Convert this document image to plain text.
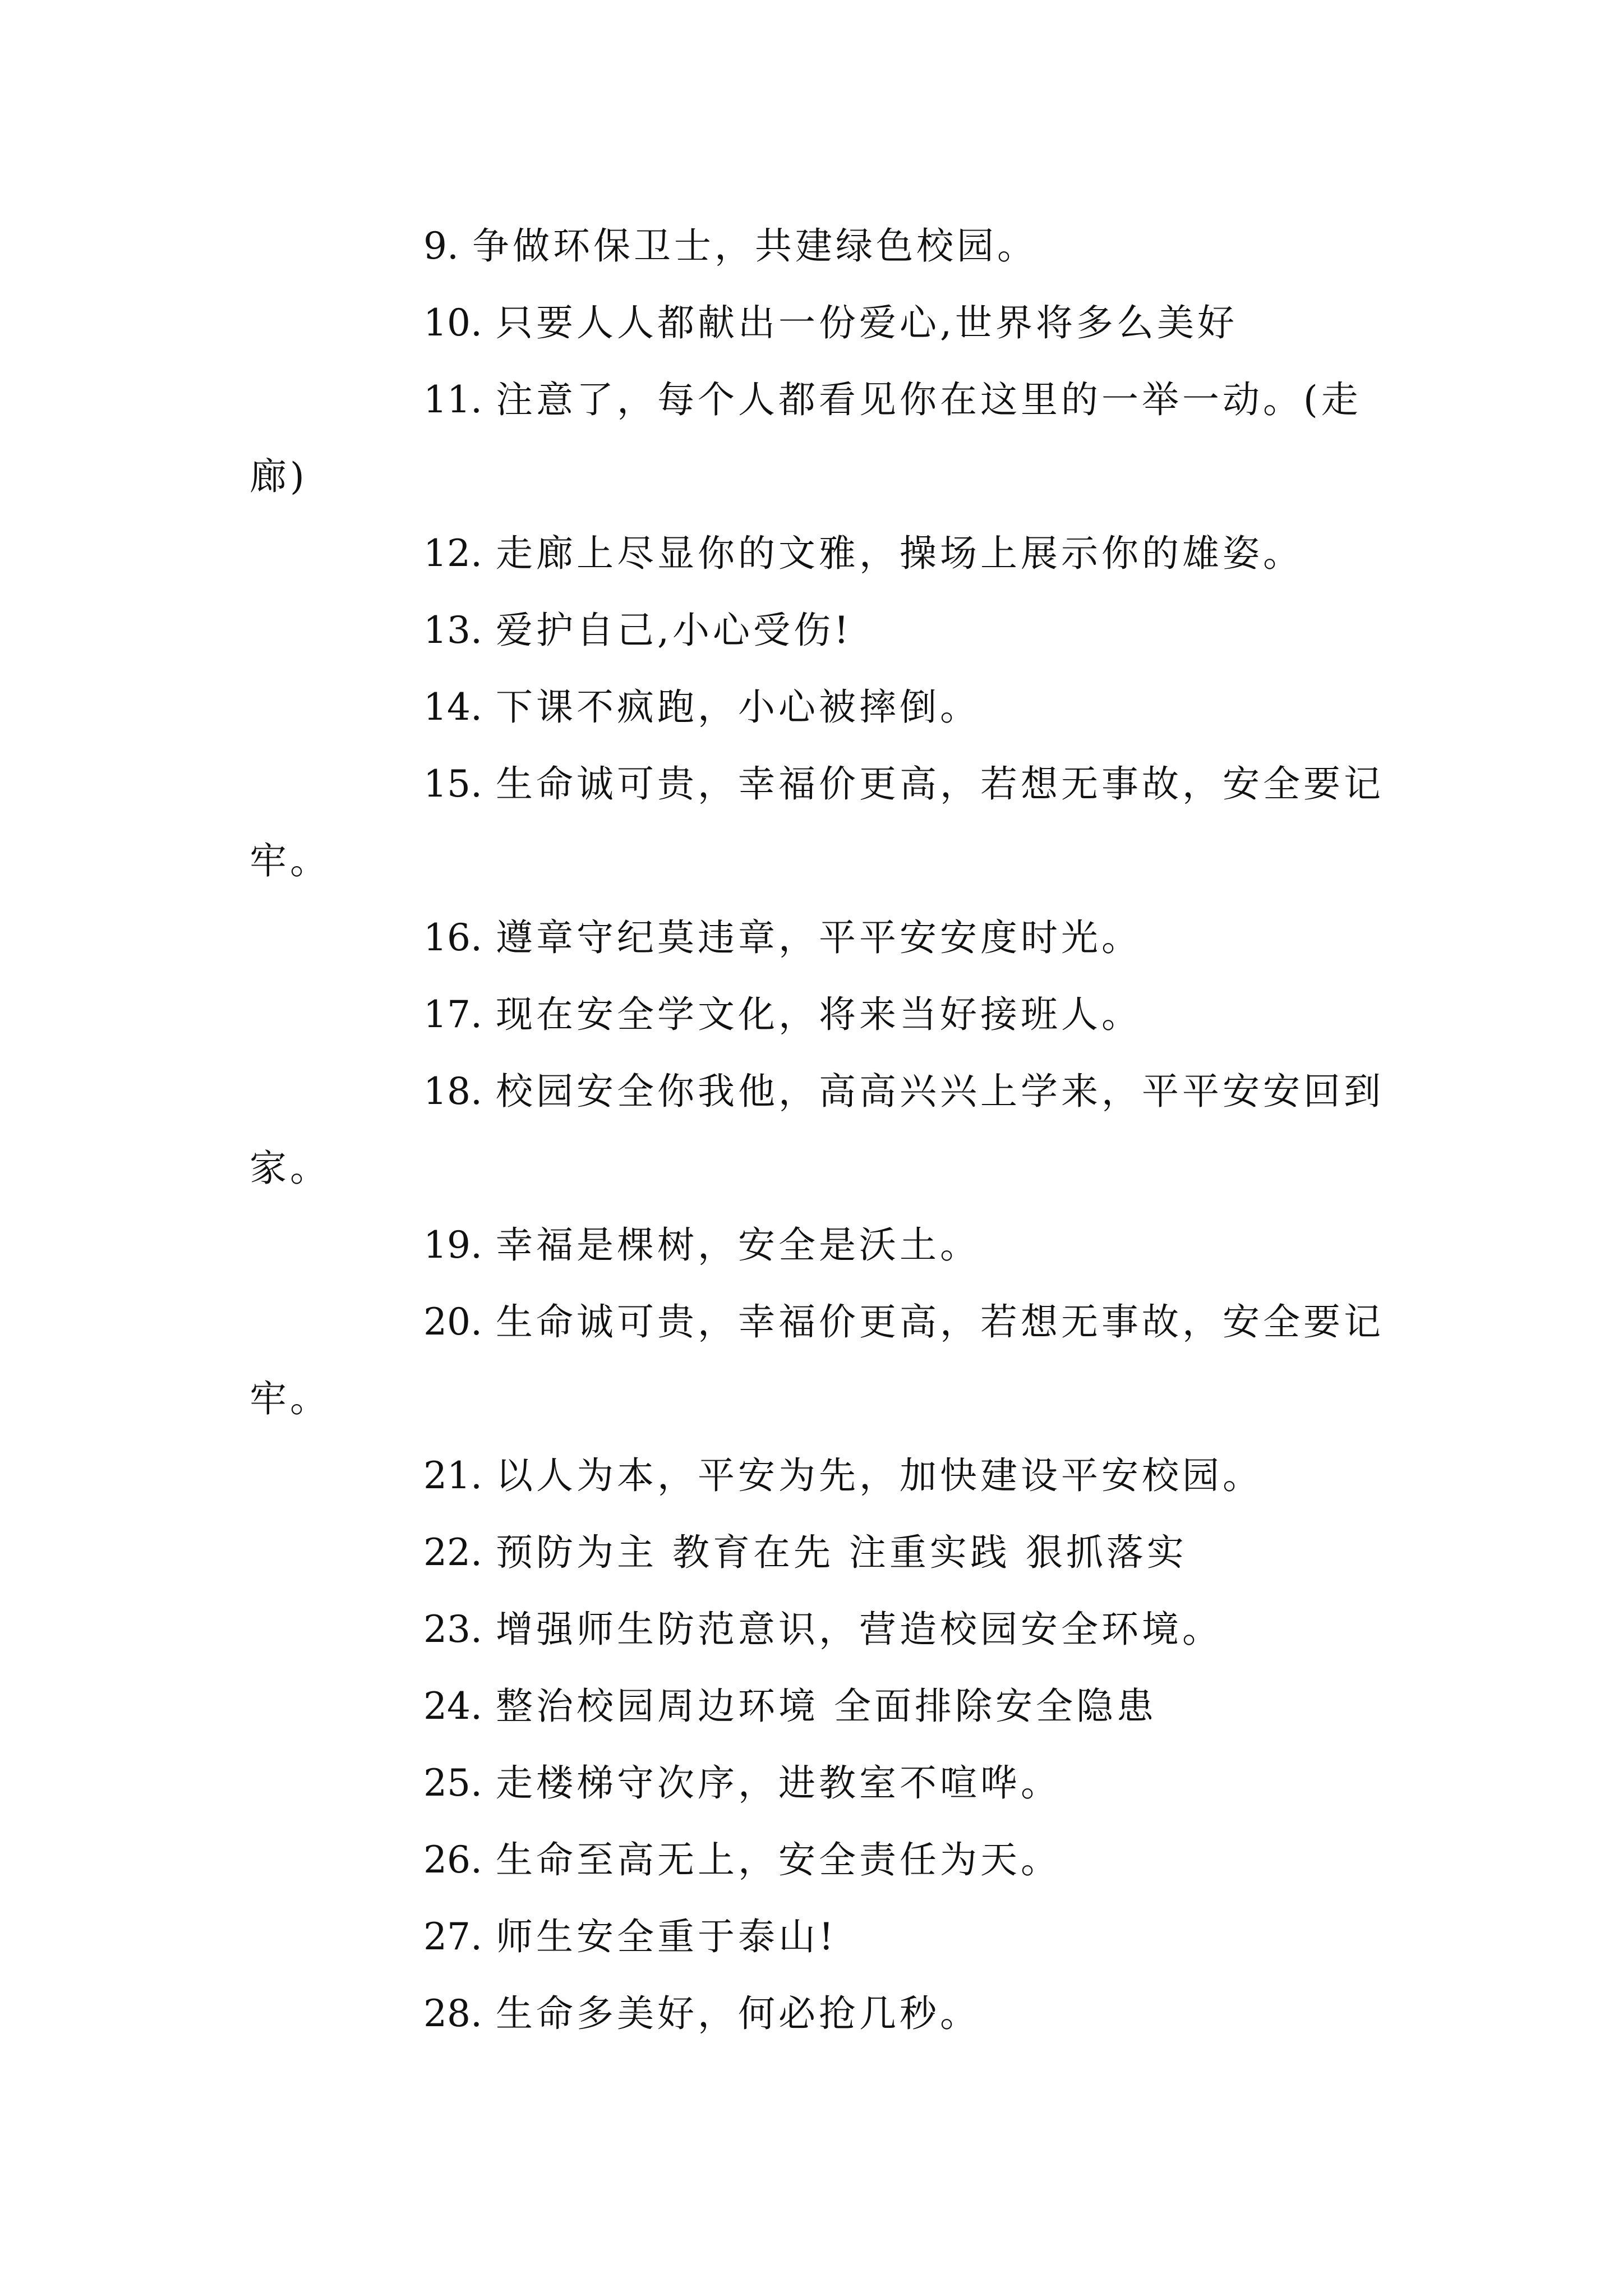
9. 争做环保卫士，共建绿色校园。

10. 只要人人都献出一份爱心,世界将多么美好

11. 注意了，每个人都看见你在这里的一举一动。(走廊)

12. 走廊上尽显你的文雅，操场上展示你的雄姿。

13. 爱护自己,小心受伤!

14. 下课不疯跑，小心被摔倒。

15. 生命诚可贵，幸福价更高，若想无事故，安全要记牢。

16. 遵章守纪莫违章，平平安安度时光。

17. 现在安全学文化，将来当好接班人。

18. 校园安全你我他，高高兴兴上学来，平平安安回到家。

19. 幸福是棵树，安全是沃土。

20. 生命诚可贵，幸福价更高，若想无事故，安全要记牢。

21. 以人为本，平安为先，加快建设平安校园。

22. 预防为主 教育在先 注重实践 狠抓落实

23. 增强师生防范意识，营造校园安全环境。

24. 整治校园周边环境 全面排除安全隐患

25. 走楼梯守次序，进教室不喧哗。

26. 生命至高无上，安全责任为天。

27. 师生安全重于泰山!

28. 生命多美好，何必抢几秒。
